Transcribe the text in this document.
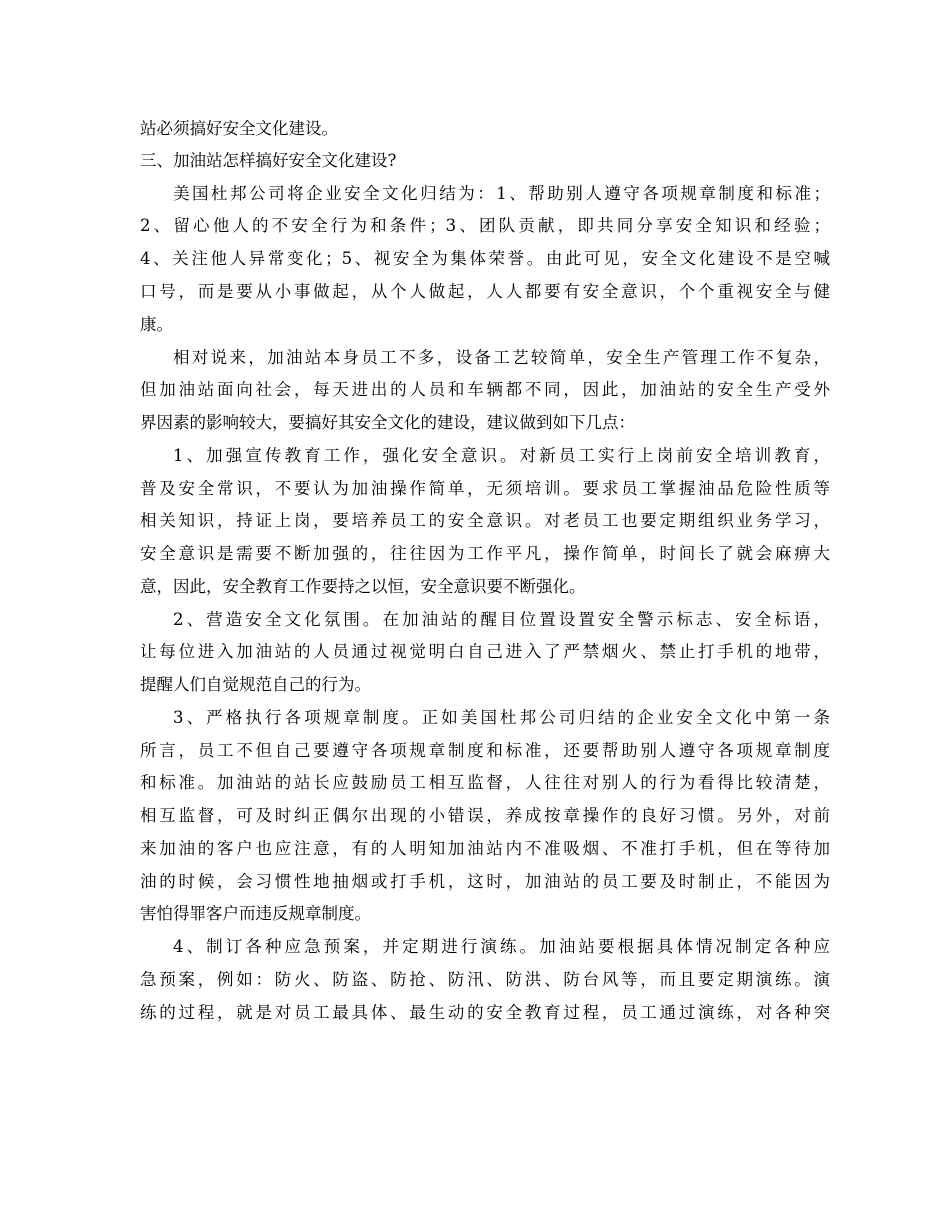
站必须搞好安全文化建设。
三、加油站怎样搞好安全文化建设?
美国杜邦公司将企业安全文化归结为：1、帮助别人遵守各项规章制度和标准；
2、留心他人的不安全行为和条件；3、团队贡献，即共同分享安全知识和经验；
4、关注他人异常变化；5、视安全为集体荣誉。由此可见，安全文化建设不是空喊
口号，而是要从小事做起，从个人做起，人人都要有安全意识，个个重视安全与健
康。
相对说来，加油站本身员工不多，设备工艺较简单，安全生产管理工作不复杂，
但加油站面向社会，每天进出的人员和车辆都不同，因此，加油站的安全生产受外
界因素的影响较大，要搞好其安全文化的建设，建议做到如下几点：
1、加强宣传教育工作，强化安全意识。对新员工实行上岗前安全培训教育，
普及安全常识，不要认为加油操作简单，无须培训。要求员工掌握油品危险性质等
相关知识，持证上岗，要培养员工的安全意识。对老员工也要定期组织业务学习，
安全意识是需要不断加强的，往往因为工作平凡，操作简单，时间长了就会麻痹大
意，因此，安全教育工作要持之以恒，安全意识要不断强化。
2、营造安全文化氛围。在加油站的醒目位置设置安全警示标志、安全标语，
让每位进入加油站的人员通过视觉明白自己进入了严禁烟火、禁止打手机的地带，
提醒人们自觉规范自己的行为。
3、严格执行各项规章制度。正如美国杜邦公司归结的企业安全文化中第一条
所言，员工不但自己要遵守各项规章制度和标准，还要帮助别人遵守各项规章制度
和标准。加油站的站长应鼓励员工相互监督，人往往对别人的行为看得比较清楚，
相互监督，可及时纠正偶尔出现的小错误，养成按章操作的良好习惯。另外，对前
来加油的客户也应注意，有的人明知加油站内不准吸烟、不准打手机，但在等待加
油的时候，会习惯性地抽烟或打手机，这时，加油站的员工要及时制止，不能因为
害怕得罪客户而违反规章制度。
4、制订各种应急预案，并定期进行演练。加油站要根据具体情况制定各种应
急预案，例如：防火、防盗、防抢、防汛、防洪、防台风等，而且要定期演练。演
练的过程，就是对员工最具体、最生动的安全教育过程，员工通过演练，对各种突
